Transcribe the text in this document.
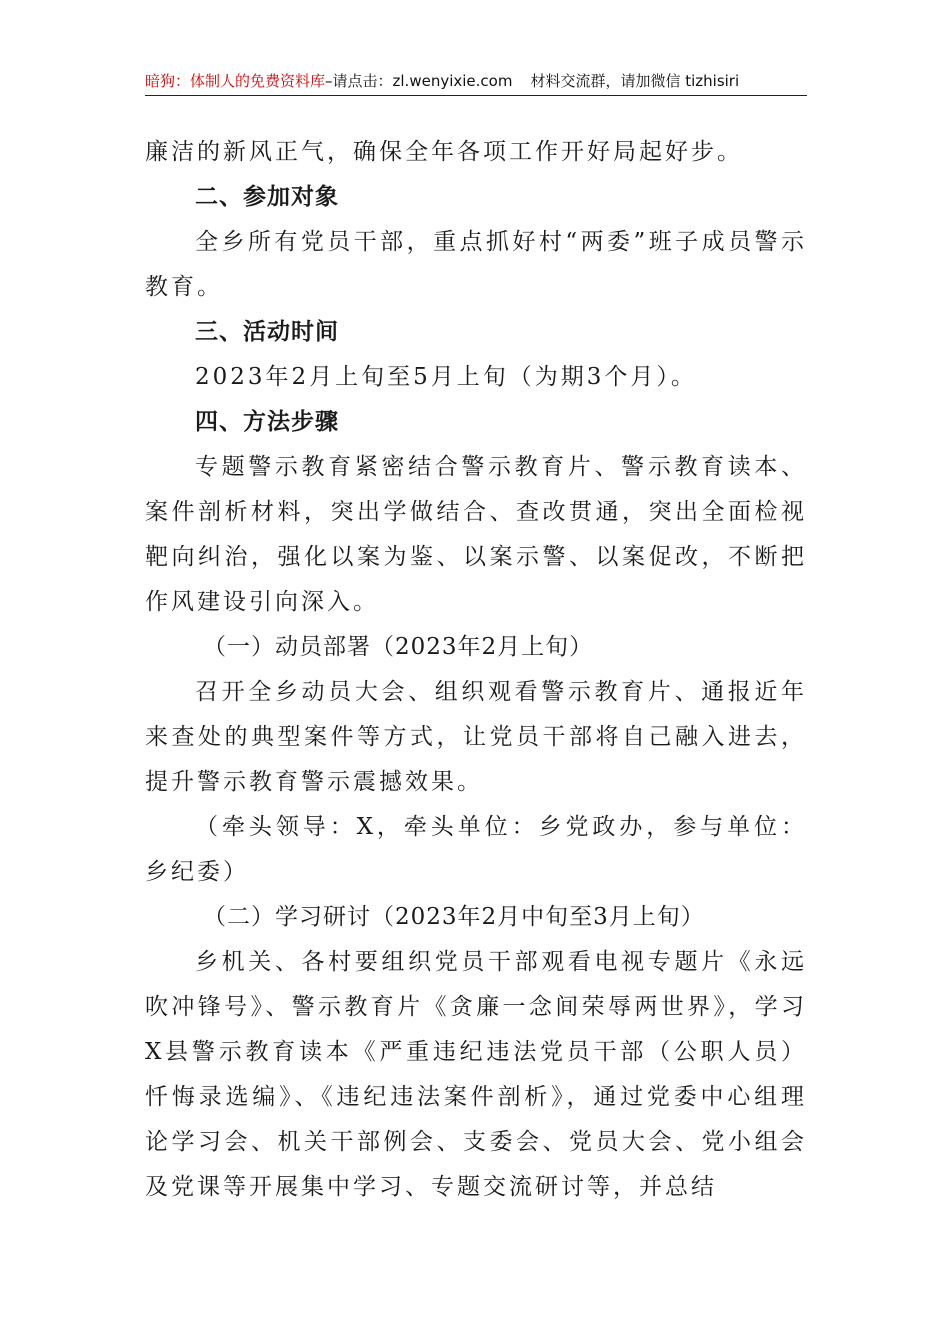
暗狗：体制人的免费资料库–请点击：zl.wenyixie.com 材料交流群，请加微信 tizhisiri

廉洁的新风正气，确保全年各项工作开好局起好步。

二、参加对象

全乡所有党员干部，重点抓好村“两委”班子成员警示教育。

三、活动时间

2023年2月上旬至5月上旬（为期3个月）。

四、方法步骤

专题警示教育紧密结合警示教育片、警示教育读本、案件剖析材料，突出学做结合、查改贯通，突出全面检视靶向纠治，强化以案为鉴、以案示警、以案促改，不断把作风建设引向深入。

（一）动员部署（2023年2月上旬）

召开全乡动员大会、组织观看警示教育片、通报近年来查处的典型案件等方式，让党员干部将自己融入进去，提升警示教育警示震撼效果。

（牵头领导：X，牵头单位：乡党政办，参与单位：乡纪委）

（二）学习研讨（2023年2月中旬至3月上旬）

乡机关、各村要组织党员干部观看电视专题片《永远吹冲锋号》、警示教育片《贪廉一念间荣辱两世界》，学习X县警示教育读本《严重违纪违法党员干部（公职人员）忏悔录选编》、《违纪违法案件剖析》，通过党委中心组理论学习会、机关干部例会、支委会、党员大会、党小组会及党课等开展集中学习、专题交流研讨等，并总结
